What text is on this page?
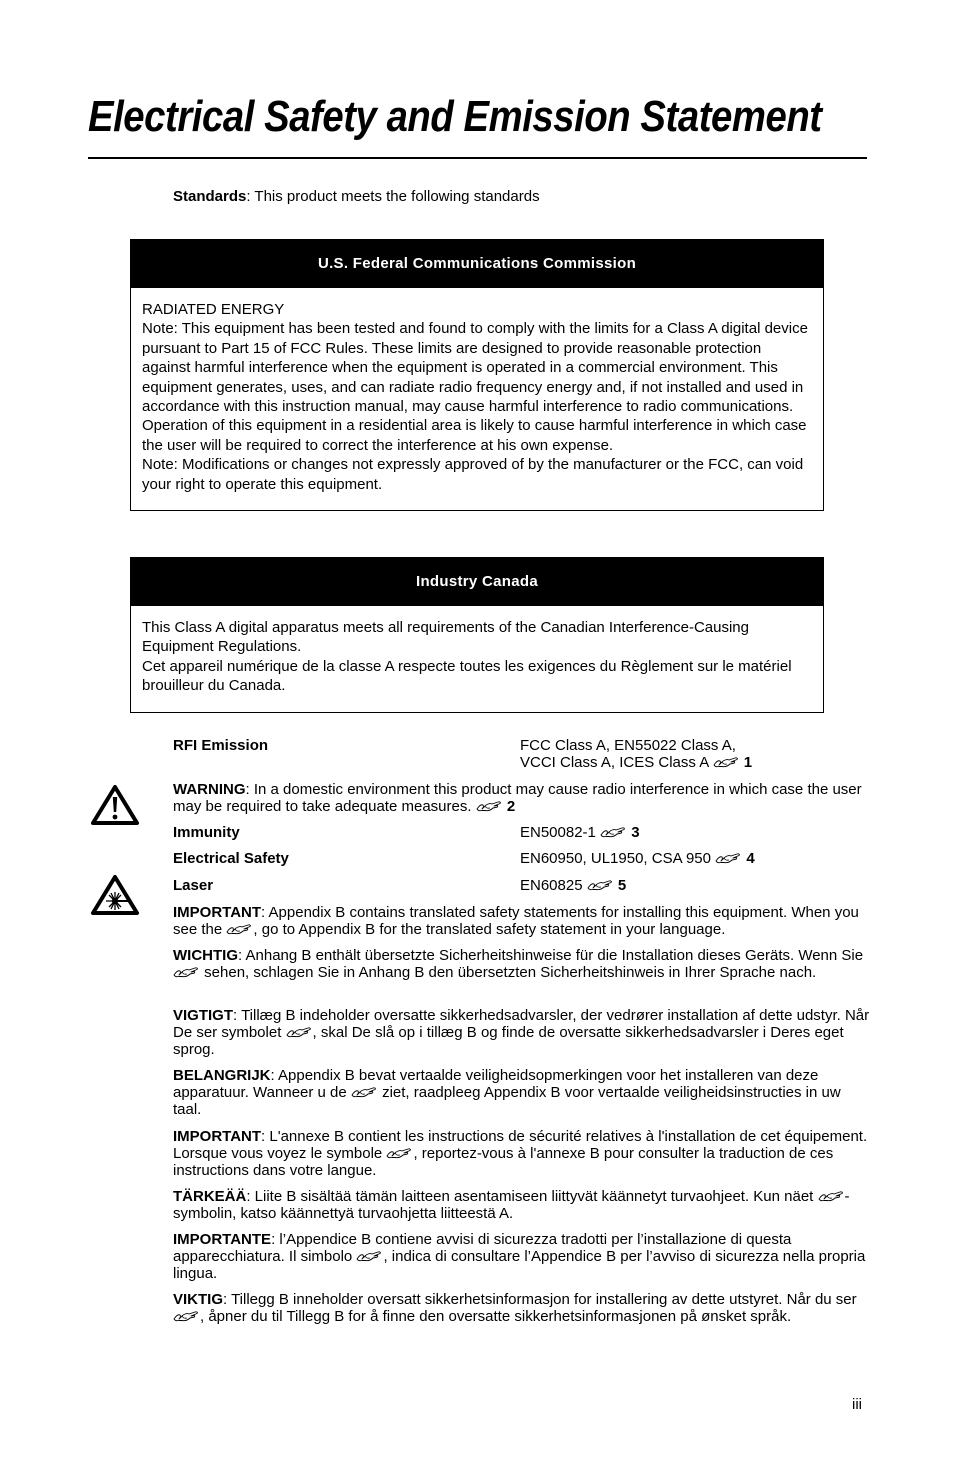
Electrical Safety and Emission Statement
Standards: This product meets the following standards
U.S. Federal Communications Commission

RADIATED ENERGY

Note: This equipment has been tested and found to comply with the limits for a Class A digital device pursuant to Part 15 of FCC Rules. These limits are designed to provide reasonable protection against harmful interference when the equipment is operated in a commercial environment. This equipment generates, uses, and can radiate radio frequency energy and, if not installed and used in accordance with this instruction manual, may cause harmful interference to radio communications. Operation of this equipment in a residential area is likely to cause harmful interference in which case the user will be required to correct the interference at his own expense.

Note: Modifications or changes not expressly approved of by the manufacturer or the FCC, can void your right to operate this equipment.

Industry Canada

This Class A digital apparatus meets all requirements of the Canadian Interference-Causing Equipment Regulations.

Cet appareil numérique de la classe A respecte toutes les exigences du Règlement sur le matériel brouilleur du Canada.

RFI Emission	FCC Class A, EN55022 Class A,
VCCI Class A, ICES Class A 1
WARNING: In a domestic environment this product may cause radio interference in which case the user may be required to take adequate measures. 2
Immunity	EN50082-1 3
Electrical Safety	EN60950, UL1950, CSA 950 4
Laser	EN60825 5
IMPORTANT: Appendix B contains translated safety statements for installing this equipment. When you see the , go to Appendix B for the translated safety statement in your language.
WICHTIG: Anhang B enthält übersetzte Sicherheitshinweise für die Installation dieses Geräts. Wenn Sie
sehen, schlagen Sie in Anhang B den übersetzten Sicherheitshinweis in Ihrer Sprache nach.
VIGTIGT: Tillæg B indeholder oversatte sikkerhedsadvarsler, der vedrører installation af dette udstyr. Når De ser symbolet , skal De slå op i tillæg B og finde de oversatte sikkerhedsadvarsler i Deres eget sprog.
BELANGRIJK: Appendix B bevat vertaalde veiligheidsopmerkingen voor het installeren van deze apparatuur. Wanneer u de
ziet, raadpleeg Appendix B voor vertaalde veiligheidsinstructies in uw taal.
IMPORTANT: L'annexe B contient les instructions de sécurité relatives à l'installation de cet équipement. Lorsque vous voyez le symbole , reportez-vous à l'annexe B pour consulter la traduction de ces instructions dans votre langue.
TÄRKEÄÄ: Liite B sisältää tämän laitteen asentamiseen liittyvät käännetyt turvaohjeet. Kun näet -symbolin, katso käännettyä turvaohjetta liitteestä A.
IMPORTANTE: l’Appendice B contiene avvisi di sicurezza tradotti per l’installazione di questa apparecchiatura. Il simbolo , indica di consultare l’Appendice B per l’avviso di sicurezza nella propria lingua.
VIKTIG: Tillegg B inneholder oversatt sikkerhetsinformasjon for installering av dette utstyret. Når du ser
, åpner du til Tillegg B for å finne den oversatte sikkerhetsinformasjonen på ønsket språk.
iii
